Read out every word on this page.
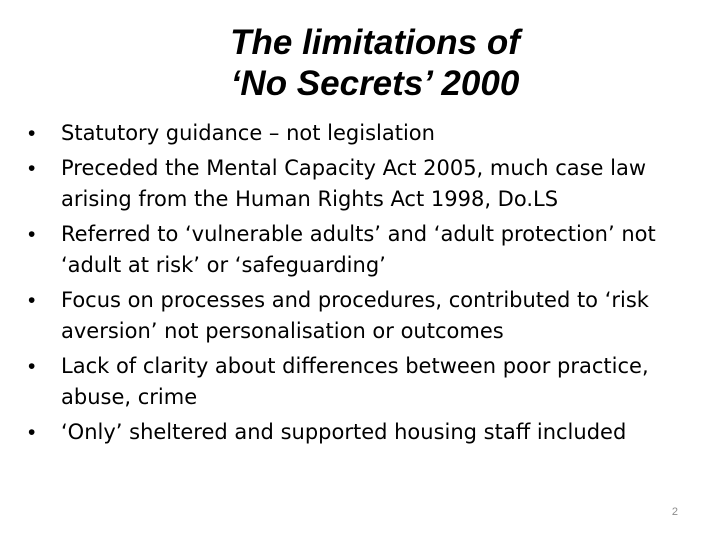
The limitations of
‘No Secrets’ 2000
•	Statutory guidance – not legislation
•	Preceded the Mental Capacity Act 2005, much case law arising from the Human Rights Act 1998, Do.LS
•	Referred to ‘vulnerable adults’ and ‘adult protection’ not ‘adult at risk’ or ‘safeguarding’
•	Focus on processes and procedures, contributed to ‘risk aversion’ not personalisation or outcomes
•	Lack of clarity about differences between poor practice, abuse, crime
•	‘Only’ sheltered and supported housing staff included
2
